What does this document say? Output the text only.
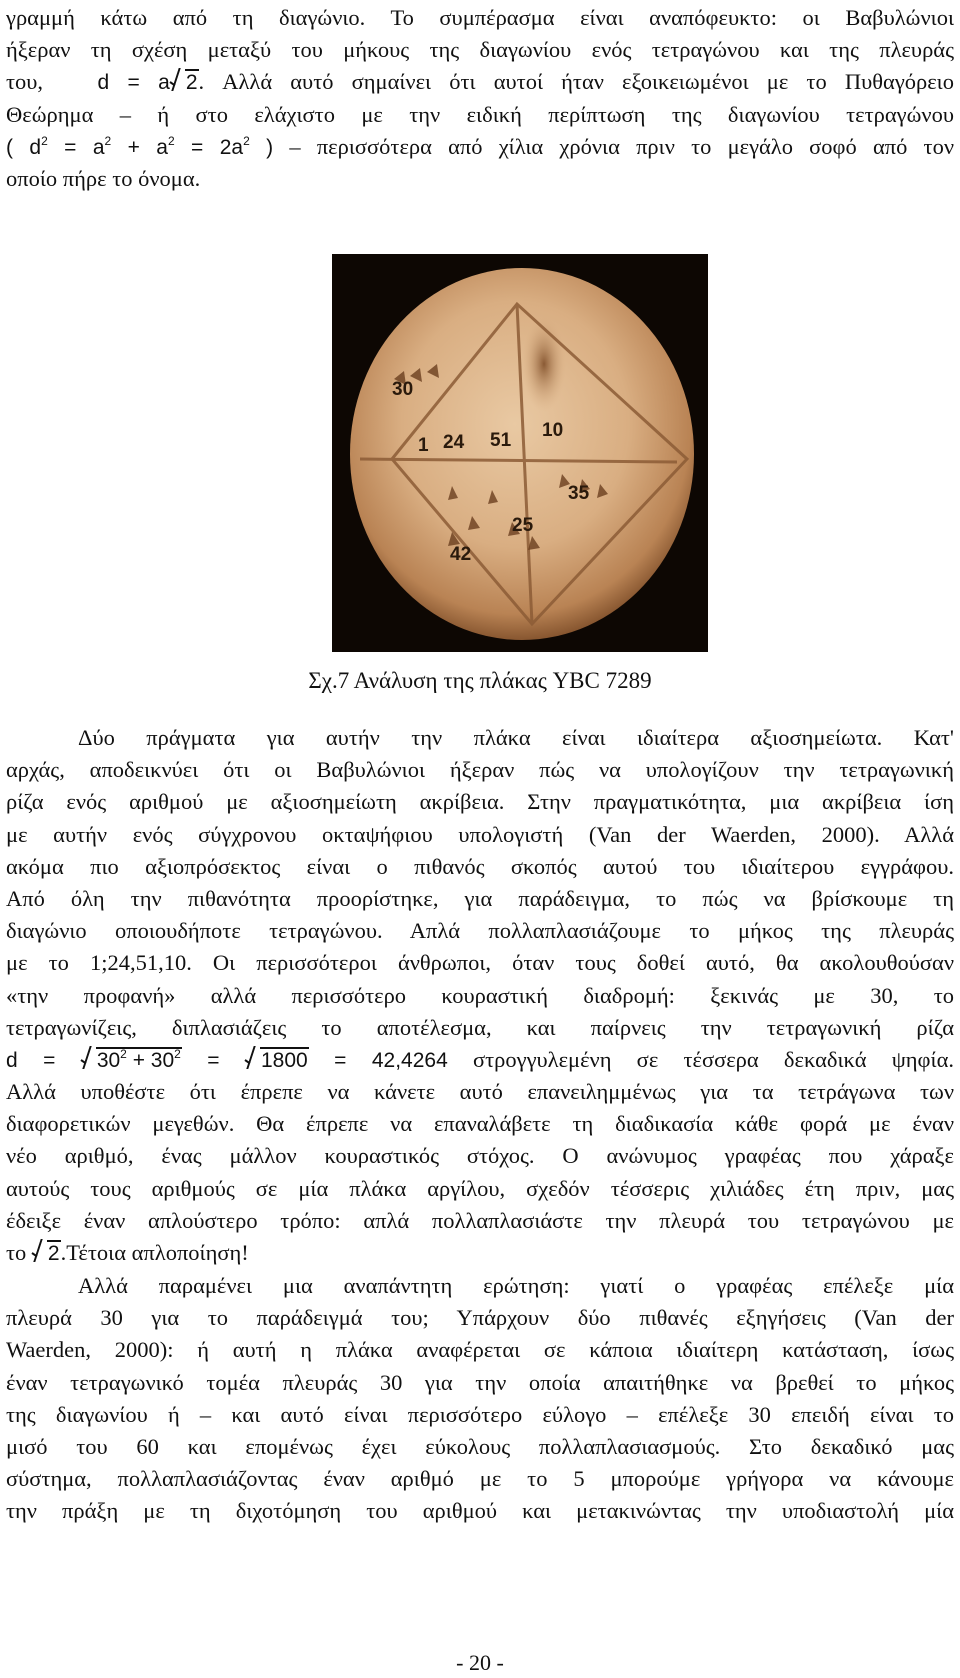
γραμμή κάτω από τη διαγώνιο. Το συμπέρασμα είναι αναπόφευκτο: οι Βαβυλώνιοι
ήξεραν τη σχέση μεταξύ του μήκους της διαγωνίου ενός τετραγώνου και της πλευράς
του,	d = a 2. Αλλά αυτό σημαίνει ότι αυτοί ήταν εξοικειωμένοι με το Πυθαγόρειο
Θεώρημα – ή στο ελάχιστο με την ειδική περίπτωση της διαγωνίου τετραγώνου
( $d^2 = a^2 + a^2 = 2a^2$ ) – περισσότερα από χίλια χρόνια πριν το μεγάλο σοφό από τον
οποίο πήρε το όνομα.
30
1 24 51 10
35
25
42
Σχ.7 Ανάλυση της πλάκας YBC 7289
Δύο πράγματα για αυτήν την πλάκα είναι ιδιαίτερα αξιοσημείωτα. Κατ'
αρχάς, αποδεικνύει ότι οι Βαβυλώνιοι ήξεραν πώς να υπολογίζουν την τετραγωνική
ρίζα ενός αριθμού με αξιοσημείωτη ακρίβεια. Στην πραγματικότητα, μια ακρίβεια ίση
με αυτήν ενός σύγχρονου οκταψήφιου υπολογιστή (Van der Waerden, 2000). Αλλά
ακόμα πιο αξιοπρόσεκτος είναι ο πιθανός σκοπός αυτού του ιδιαίτερου εγγράφου.
Από όλη την πιθανότητα προορίστηκε, για παράδειγμα, το πώς να βρίσκουμε τη
διαγώνιο οποιουδήποτε τετραγώνου. Απλά πολλαπλασιάζουμε το μήκος της πλευράς
με το 1;24,51,10. Οι περισσότεροι άνθρωποι, όταν τους δοθεί αυτό, θα ακολουθούσαν
«την προφανή» αλλά περισσότερο κουραστική διαδρομή: ξεκινάς με 30, το
τετραγωνίζεις, διπλασιάζεις το αποτέλεσμα, και παίρνεις την τετραγωνική ρίζα
$d = 30^2 + 30^2 = 1800 = 42,4264$ στρογγυλεμένη σε τέσσερα δεκαδικά ψηφία.
Αλλά υποθέστε ότι έπρεπε να κάνετε αυτό επανειλημμένως για τα τετράγωνα των
διαφορετικών μεγεθών. Θα έπρεπε να επαναλάβετε τη διαδικασία κάθε φορά με έναν
νέο αριθμό, ένας μάλλον κουραστικός στόχος. Ο ανώνυμος γραφέας που χάραξε
αυτούς τους αριθμούς σε μία πλάκα αργίλου, σχεδόν τέσσερις χιλιάδες έτη πριν, μας
έδειξε έναν απλούστερο τρόπο: απλά πολλαπλασιάστε την πλευρά του τετραγώνου με
το 2.Τέτοια απλοποίηση!
Αλλά παραμένει μια αναπάντητη ερώτηση: γιατί ο γραφέας επέλεξε μία
πλευρά 30 για το παράδειγμά του; Υπάρχουν δύο πιθανές εξηγήσεις (Van der
Waerden, 2000): ή αυτή η πλάκα αναφέρεται σε κάποια ιδιαίτερη κατάσταση, ίσως
έναν τετραγωνικό τομέα πλευράς 30 για την οποία απαιτήθηκε να βρεθεί το μήκος
της διαγωνίου ή – και αυτό είναι περισσότερο εύλογο – επέλεξε 30 επειδή είναι το
μισό του 60 και επομένως έχει εύκολους πολλαπλασιασμούς. Στο δεκαδικό μας
σύστημα, πολλαπλασιάζοντας έναν αριθμό με το 5 μπορούμε γρήγορα να κάνουμε
την πράξη με τη διχοτόμηση του αριθμού και μετακινώντας την υποδιαστολή μία
- 20 -
